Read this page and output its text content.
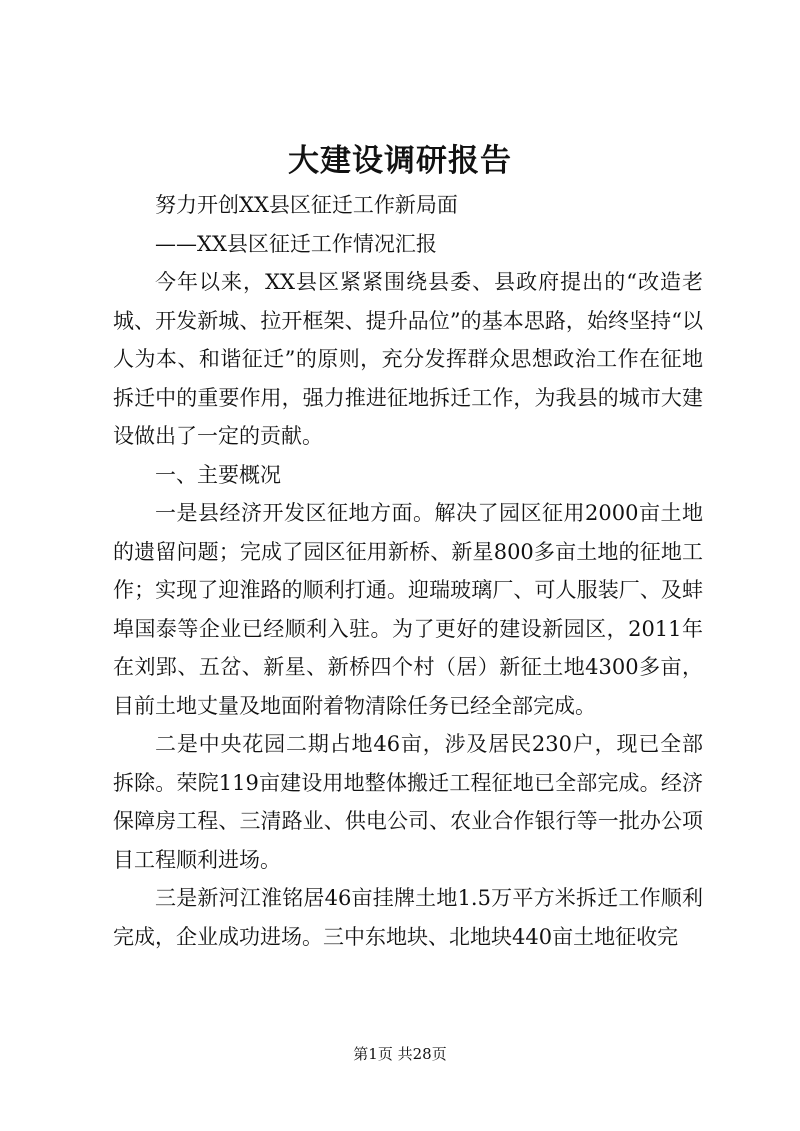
大建设调研报告

努力开创XX县区征迁工作新局面

——XX县区征迁工作情况汇报

今年以来，XX县区紧紧围绕县委、县政府提出的“改造老城、开发新城、拉开框架、提升品位”的基本思路，始终坚持“以人为本、和谐征迁”的原则，充分发挥群众思想政治工作在征地拆迁中的重要作用，强力推进征地拆迁工作，为我县的城市大建设做出了一定的贡献。

一、主要概况

一是县经济开发区征地方面。解决了园区征用2000亩土地的遗留问题；完成了园区征用新桥、新星800多亩土地的征地工作；实现了迎淮路的顺利打通。迎瑞玻璃厂、可人服装厂、及蚌埠国泰等企业已经顺利入驻。为了更好的建设新园区，2011年在刘郢、五岔、新星、新桥四个村（居）新征土地4300多亩，目前土地丈量及地面附着物清除任务已经全部完成。

二是中央花园二期占地46亩，涉及居民230户，现已全部拆除。荣院119亩建设用地整体搬迁工程征地已全部完成。经济保障房工程、三清路业、供电公司、农业合作银行等一批办公项目工程顺利进场。

三是新河江淮铭居46亩挂牌土地1.5万平方米拆迁工作顺利完成，企业成功进场。三中东地块、北地块440亩土地征收完

第1页 共28页
